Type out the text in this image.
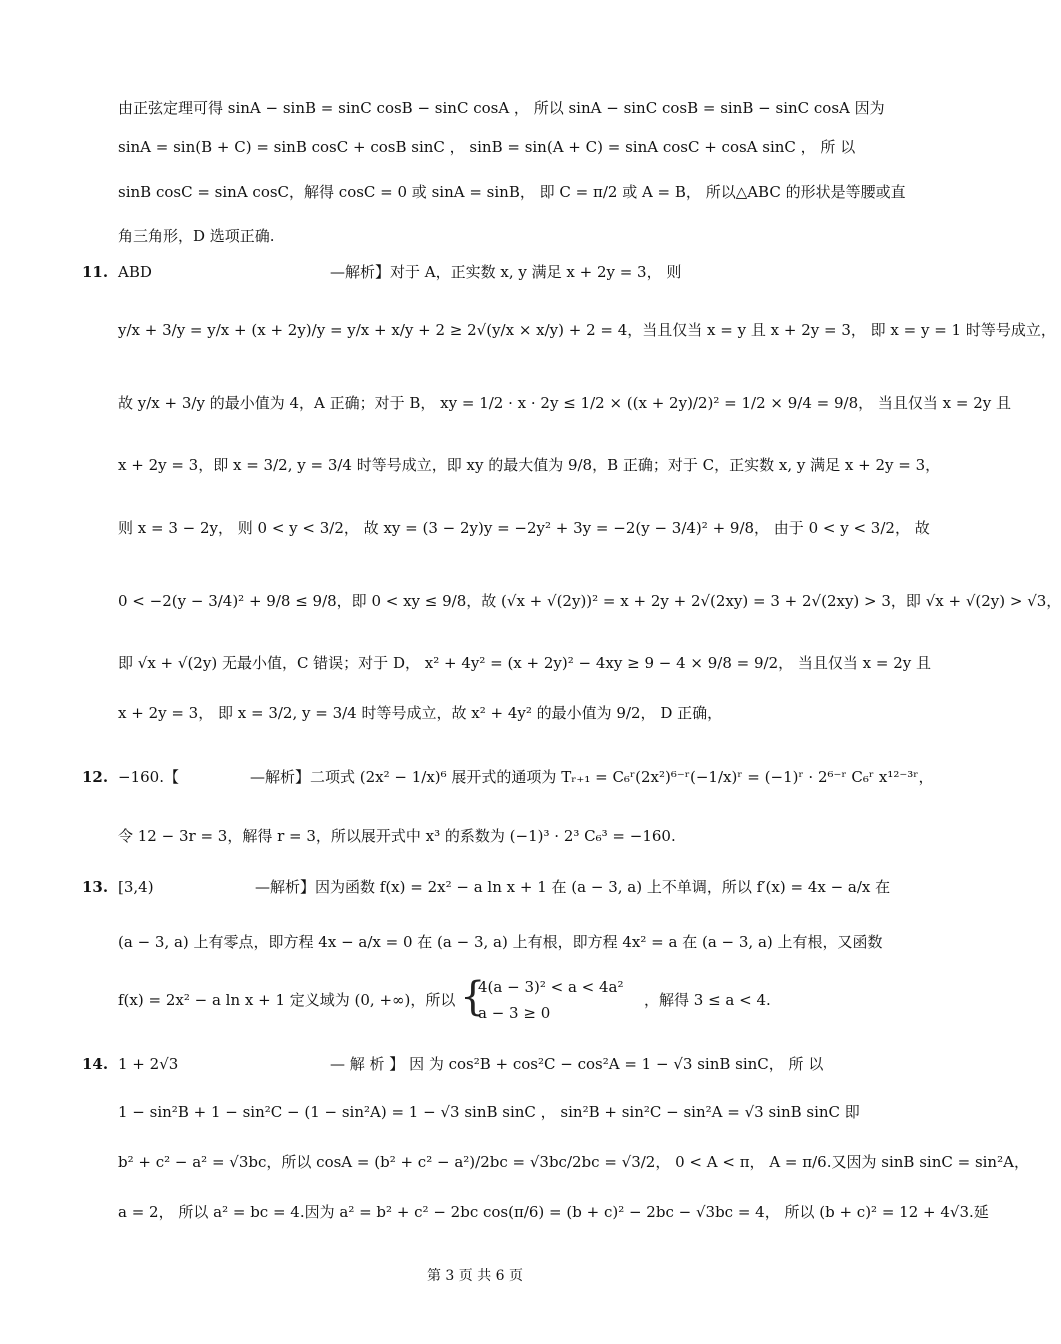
由正弦定理可得 sinA − sinB = sinC cosB − sinC cosA ， 所以 sinA − sinC cosB = sinB − sinC cosA 因为
sinA = sin(B + C) = sinB cosC + cosB sinC ， sinB = sin(A + C) = sinA cosC + cosA sinC ， 所 以
sinB cosC = sinA cosC，解得 cosC = 0 或 sinA = sinB， 即 C = π/2 或 A = B， 所以△ABC 的形状是等腰或直
角三角形，D 选项正确.
11. ABD	—解析】对于 A，正实数 x, y 满足 x + 2y = 3， 则
y/x + 3/y = y/x + (x + 2y)/y = y/x + x/y + 2 ≥ 2√(y/x × x/y) + 2 = 4，当且仅当 x = y 且 x + 2y = 3， 即 x = y = 1 时等号成立，
故 y/x + 3/y 的最小值为 4，A 正确；对于 B， xy = 1/2 · x · 2y ≤ 1/2 × ((x + 2y)/2)² = 1/2 × 9/4 = 9/8， 当且仅当 x = 2y 且
x + 2y = 3，即 x = 3/2, y = 3/4 时等号成立，即 xy 的最大值为 9/8，B 正确；对于 C，正实数 x, y 满足 x + 2y = 3，
则 x = 3 − 2y， 则 0 < y < 3/2， 故 xy = (3 − 2y)y = −2y² + 3y = −2(y − 3/4)² + 9/8， 由于 0 < y < 3/2， 故
0 < −2(y − 3/4)² + 9/8 ≤ 9/8，即 0 < xy ≤ 9/8，故 (√x + √(2y))² = x + 2y + 2√(2xy) = 3 + 2√(2xy) > 3，即 √x + √(2y) > √3，
即 √x + √(2y) 无最小值，C 错误；对于 D， x² + 4y² = (x + 2y)² − 4xy ≥ 9 − 4 × 9/8 = 9/2， 当且仅当 x = 2y 且
x + 2y = 3， 即 x = 3/2, y = 3/4 时等号成立，故 x² + 4y² 的最小值为 9/2， D 正确，
12. −160.【	—解析】二项式 (2x² − 1/x)⁶ 展开式的通项为 Tᵣ₊₁ = C₆ʳ(2x²)⁶⁻ʳ(−1/x)ʳ = (−1)ʳ · 2⁶⁻ʳ C₆ʳ x¹²⁻³ʳ，
令 12 − 3r = 3，解得 r = 3，所以展开式中 x³ 的系数为 (−1)³ · 2³ C₆³ = −160.
13. [3,4)	—解析】因为函数 f(x) = 2x² − a ln x + 1 在 (a − 3, a) 上不单调，所以 f′(x) = 4x − a/x 在
(a − 3, a) 上有零点，即方程 4x − a/x = 0 在 (a − 3, a) 上有根，即方程 4x² = a 在 (a − 3, a) 上有根，又函数
f(x) = 2x² − a ln x + 1 定义域为 (0, +∞)，所以 {
4(a − 3)² < a < 4a²
a − 3 ≥ 0
，解得 3 ≤ a < 4.
14. 1 + 2√3	— 解 析 】 因 为 cos²B + cos²C − cos²A = 1 − √3 sinB sinC， 所 以
1 − sin²B + 1 − sin²C − (1 − sin²A) = 1 − √3 sinB sinC ， sin²B + sin²C − sin²A = √3 sinB sinC 即
b² + c² − a² = √3bc，所以 cosA = (b² + c² − a²)/2bc = √3bc/2bc = √3/2， 0 < A < π， A = π/6.又因为 sinB sinC = sin²A，
a = 2， 所以 a² = bc = 4.因为 a² = b² + c² − 2bc cos(π/6) = (b + c)² − 2bc − √3bc = 4， 所以 (b + c)² = 12 + 4√3.延
第 3 页 共 6 页
